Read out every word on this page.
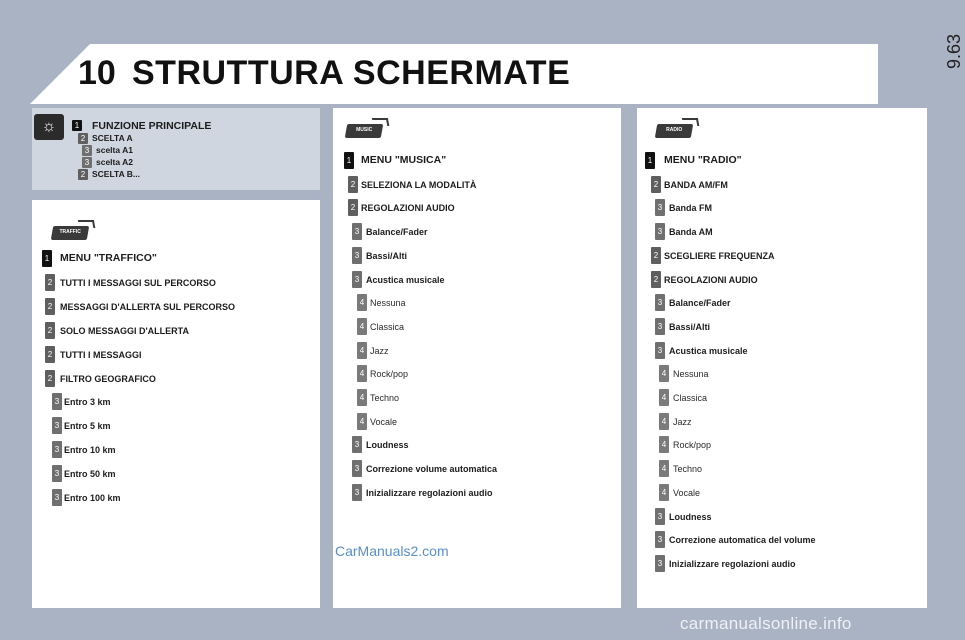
10 STRUTTURA SCHERMATE
9.63
☼	1 FUNZIONE PRINCIPALE
2 SCELTA A
3 scelta A1
3 scelta A2
2 SCELTA B...
TRAFFIC
1 MENU "TRAFFICO"
2 TUTTI I MESSAGGI SUL PERCORSO
2 MESSAGGI D'ALLERTA SUL PERCORSO
2 SOLO MESSAGGI D'ALLERTA
2 TUTTI I MESSAGGI
2 FILTRO GEOGRAFICO
3 Entro 3 km
3 Entro 5 km
3 Entro 10 km
3 Entro 50 km
3 Entro 100 km
MUSIC
1 MENU "MUSICA"
2 SELEZIONA LA MODALITÀ
2 REGOLAZIONI AUDIO
3 Balance/Fader
3 Bassi/Alti
3 Acustica musicale
4 Nessuna
4 Classica
4 Jazz
4 Rock/pop
4 Techno
4 Vocale
3 Loudness
3 Correzione volume automatica
3 Inizializzare regolazioni audio
RADIO
1 MENU "RADIO"
2 BANDA AM/FM
3 Banda FM
3 Banda AM
2 SCEGLIERE FREQUENZA
2 REGOLAZIONI AUDIO
3 Balance/Fader
3 Bassi/Alti
3 Acustica musicale
4 Nessuna
4 Classica
4 Jazz
4 Rock/pop
4 Techno
4 Vocale
3 Loudness
3 Correzione automatica del volume
3 Inizializzare regolazioni audio
CarManuals2.com
carmanualsonline.info
